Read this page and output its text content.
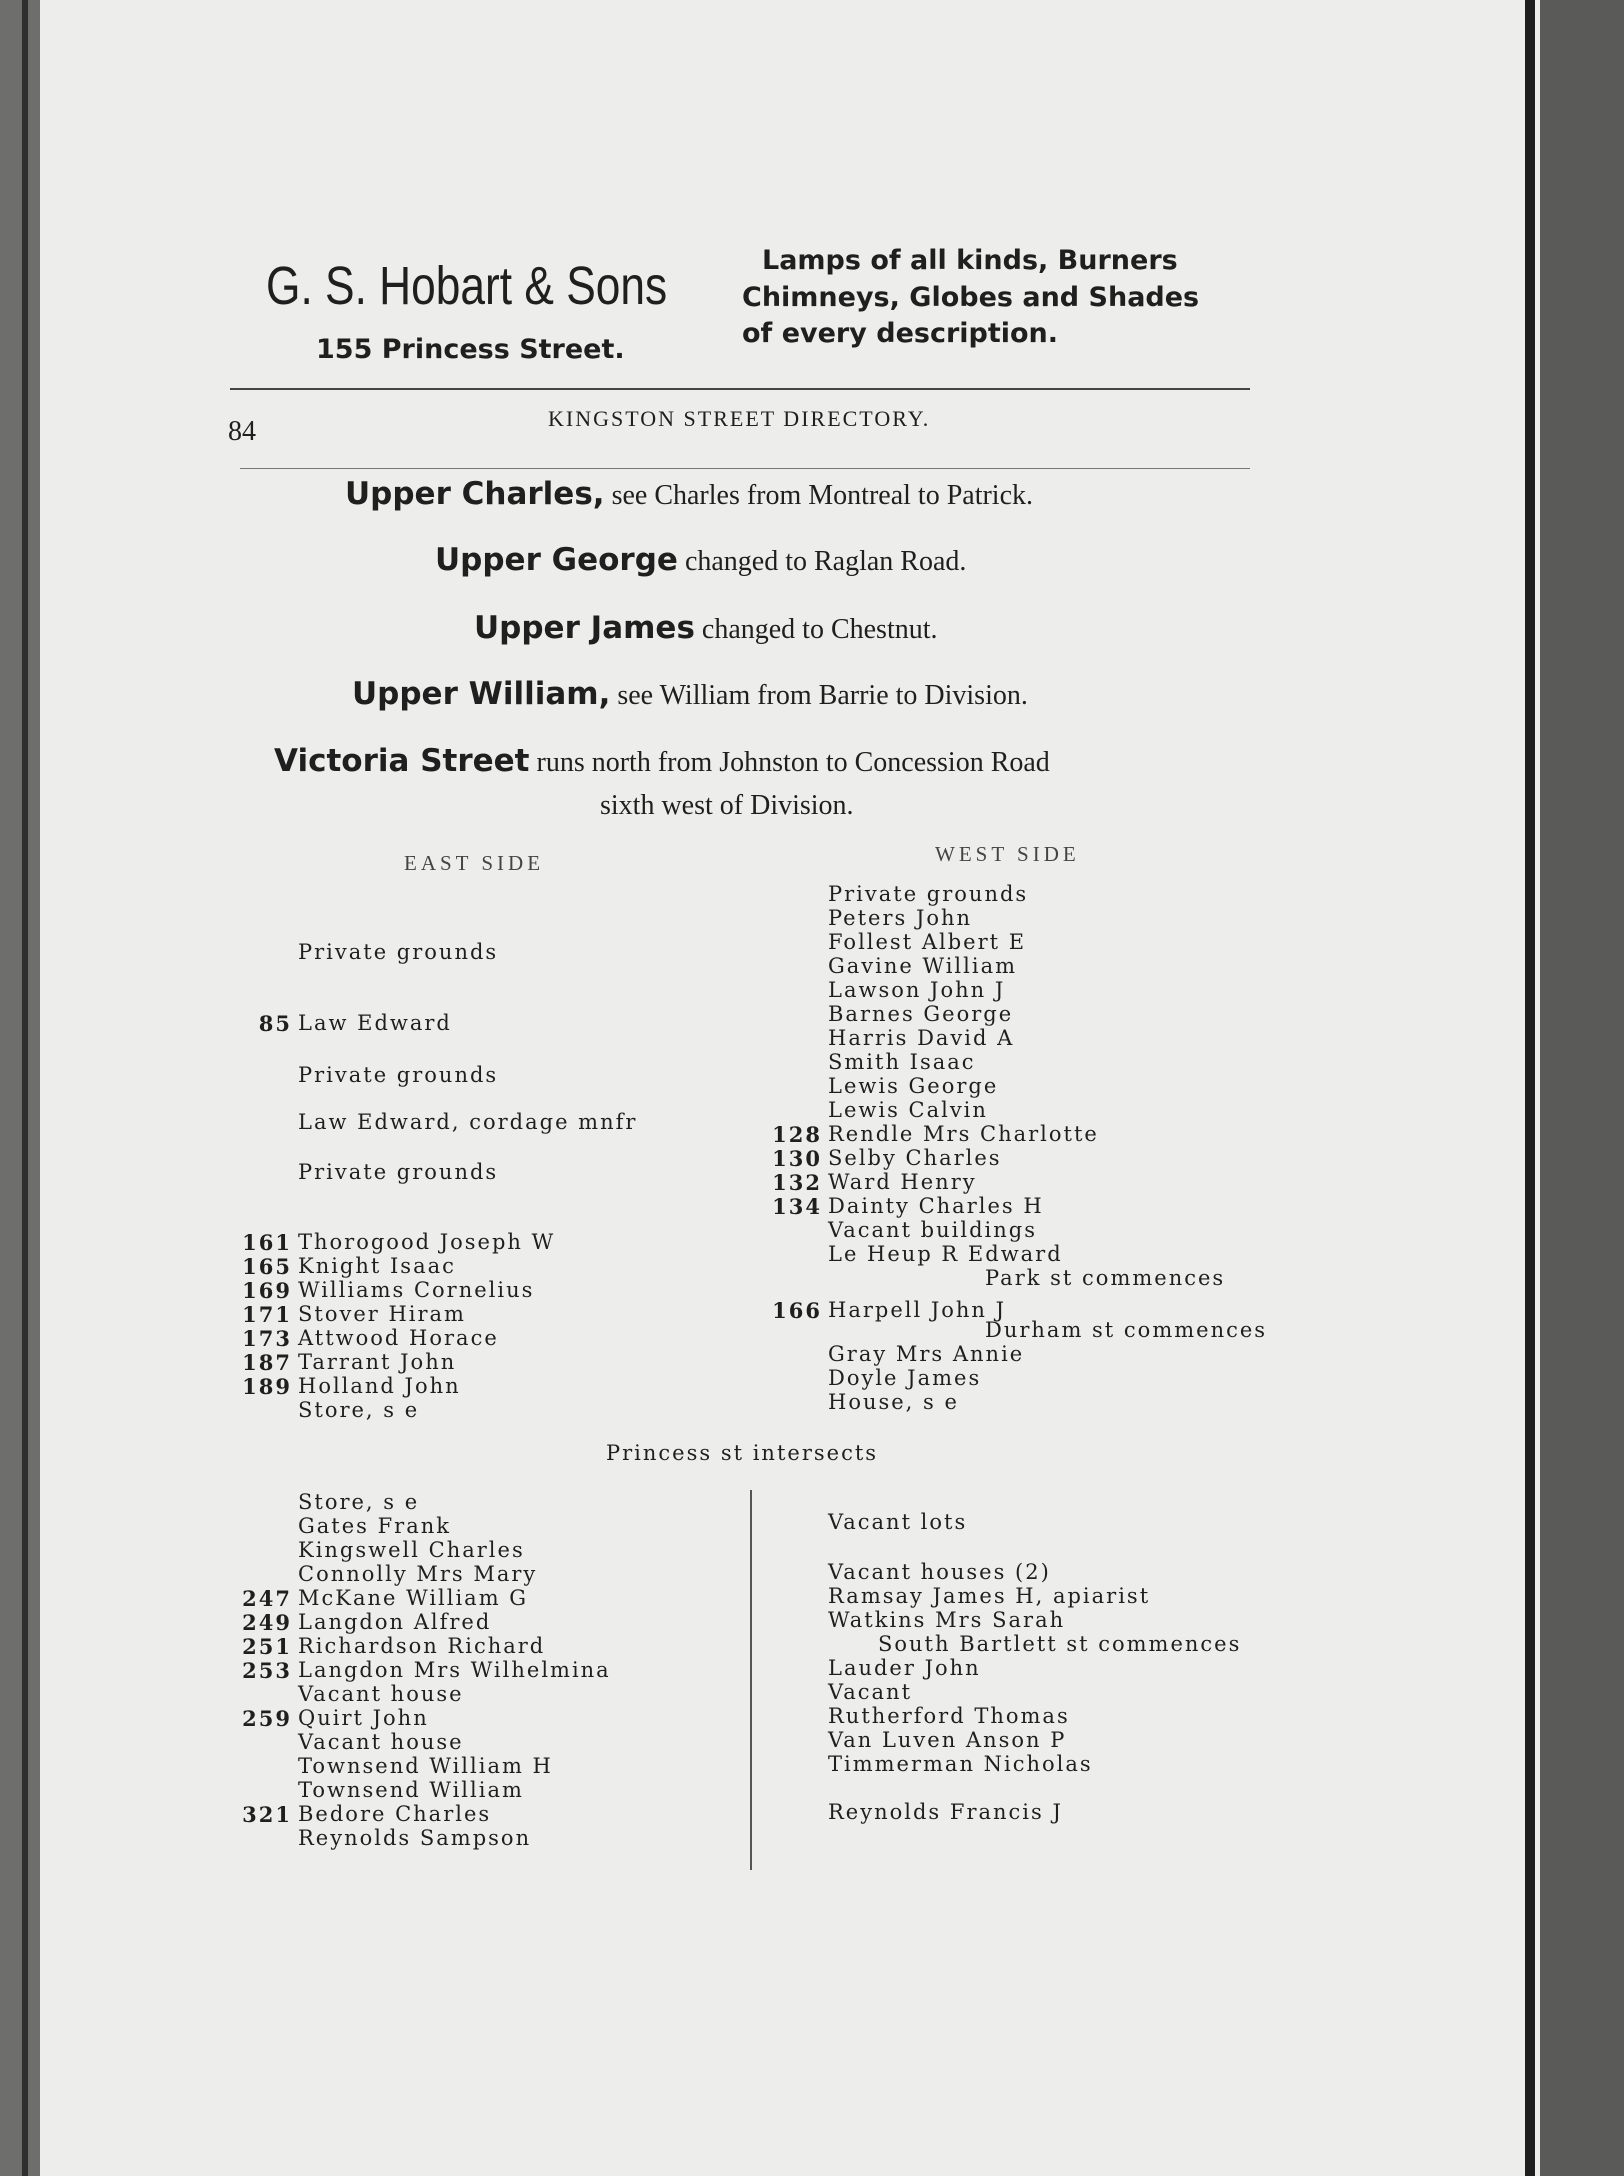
G. S. Hobart & Sons
155 Princess Street.
Lamps of all kinds, Burners
Chimneys, Globes and Shades
of every description.
84	KINGSTON STREET DIRECTORY.
Upper Charles, see Charles from Montreal to Patrick.
Upper George changed to Raglan Road.
Upper James changed to Chestnut.
Upper William, see William from Barrie to Division.
Victoria Street runs north from Johnston to Concession Road
sixth west of Division.
EAST SIDE	WEST SIDE
Private grounds
85 Law Edward
Private grounds
Law Edward, cordage mnfr
Private grounds
161 Thorogood Joseph W
165 Knight Isaac
169 Williams Cornelius
171 Stover Hiram
173 Attwood Horace
187 Tarrant John
189 Holland John
Store, s e
Private grounds
Peters John
Follest Albert E
Gavine William
Lawson John J
Barnes George
Harris David A
Smith Isaac
Lewis George
Lewis Calvin
128 Rendle Mrs Charlotte
130 Selby Charles
132 Ward Henry
134 Dainty Charles H
Vacant buildings
Le Heup R Edward
Park st commences
166 Harpell John J
Durham st commences
Gray Mrs Annie
Doyle James
House, s e
Princess st intersects
Store, s e
Gates Frank
Kingswell Charles
Connolly Mrs Mary
247 McKane William G
249 Langdon Alfred
251 Richardson Richard
253 Langdon Mrs Wilhelmina
Vacant house
259 Quirt John
Vacant house
Townsend William H
Townsend William
321 Bedore Charles
Reynolds Sampson
Vacant lots
Vacant houses (2)
Ramsay James H, apiarist
Watkins Mrs Sarah
South Bartlett st commences
Lauder John
Vacant
Rutherford Thomas
Van Luven Anson P
Timmerman Nicholas
Reynolds Francis J
